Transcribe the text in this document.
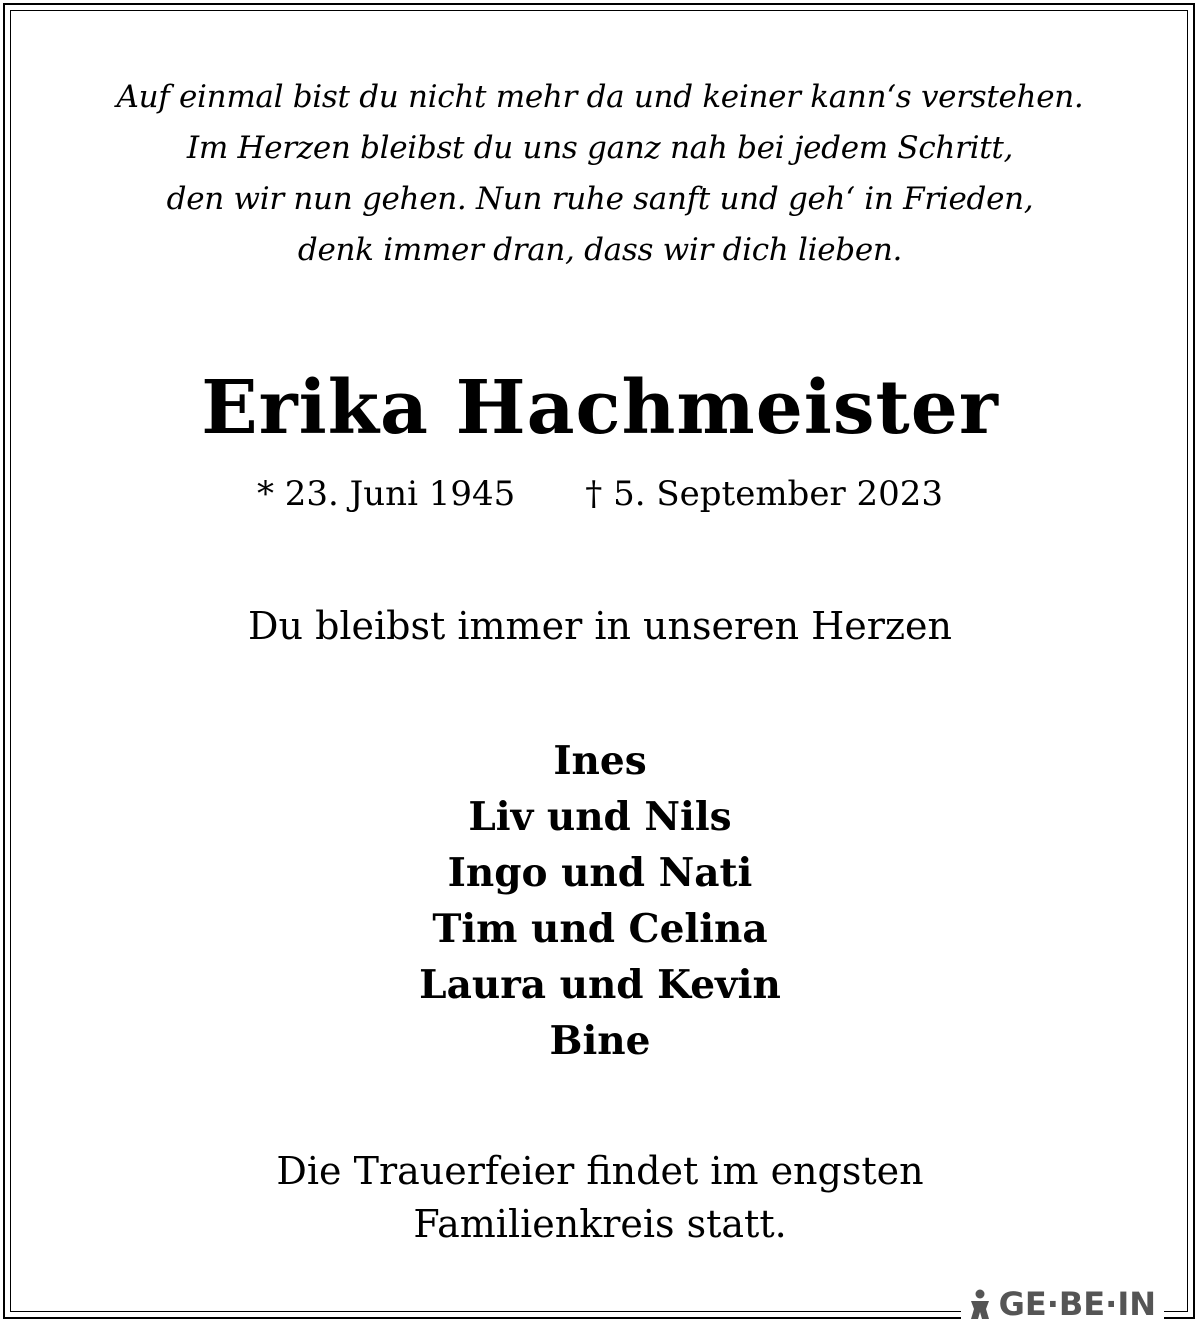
Auf einmal bist du nicht mehr da und keiner kann‘s verstehen.
Im Herzen bleibst du uns ganz nah bei jedem Schritt,
den wir nun gehen. Nun ruhe sanft und geh‘ in Frieden,
denk immer dran, dass wir dich lieben.
Erika Hachmeister
* 23. Juni 1945 † 5. September 2023
Du bleibst immer in unseren Herzen
Ines
Liv und Nils
Ingo und Nati
Tim und Celina
Laura und Kevin
Bine
Die Trauerfeier findet im engsten
Familienkreis statt.
GE·BE·IN
